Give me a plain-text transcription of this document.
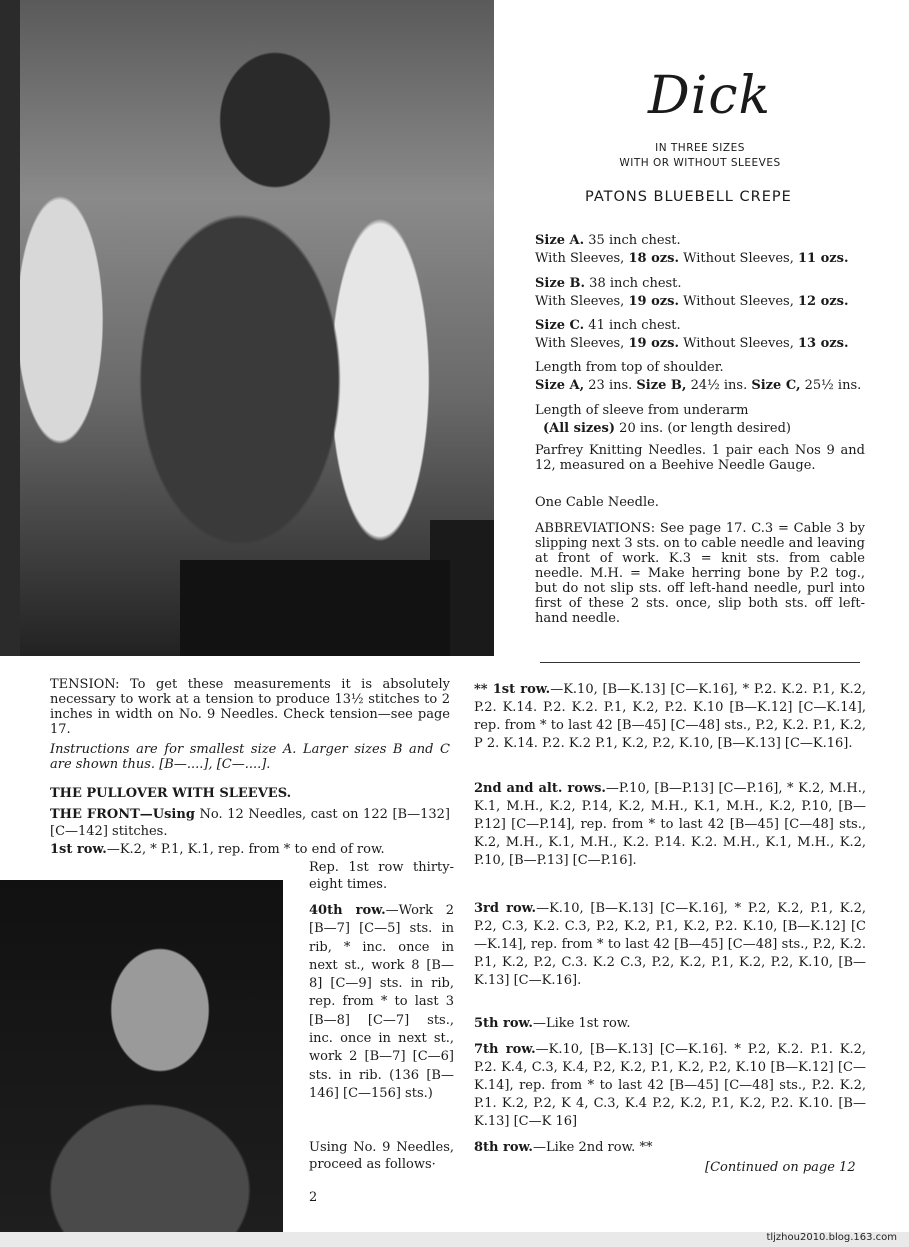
Dick
IN THREE SIZES
WITH OR WITHOUT SLEEVES
PATONS BLUEBELL CREPE
Size A. 35 inch chest.
With Sleeves, 18 ozs. Without Sleeves, 11 ozs.
Size B. 38 inch chest.
With Sleeves, 19 ozs. Without Sleeves, 12 ozs.
Size C. 41 inch chest.
With Sleeves, 19 ozs. Without Sleeves, 13 ozs.
Length from top of shoulder.
Size A, 23 ins. Size B, 24½ ins. Size C, 25½ ins.
Length of sleeve from underarm
(All sizes) 20 ins. (or length desired)
Parfrey Knitting Needles. 1 pair each Nos 9 and 12, measured on a Beehive Needle Gauge.
One Cable Needle.
ABBREVIATIONS: See page 17. C.3 = Cable 3 by slipping next 3 sts. on to cable needle and leaving at front of work. K.3 = knit sts. from cable needle. M.H. = Make herring bone by P.2 tog., but do not slip sts. off left-hand needle, purl into first of these 2 sts. once, slip both sts. off left-hand needle.
TENSION: To get these measurements it is absolutely necessary to work at a tension to produce 13½ stitches to 2 inches in width on No. 9 Needles. Check tension—see page 17.
Instructions are for smallest size A. Larger sizes B and C are shown thus. [B—....], [C—....].
THE PULLOVER WITH SLEEVES.
THE FRONT—Using No. 12 Needles, cast on 122 [B—132] [C—142] stitches.
1st row.—K.2, * P.1, K.1, rep. from * to end of row.
Rep. 1st row thirty-eight times.
40th row.—Work 2 [B—7] [C—5] sts. in rib, * inc. once in next st., work 8 [B—8] [C—9] sts. in rib, rep. from * to last 3 [B—8] [C—7] sts., inc. once in next st., work 2 [B—7] [C—6] sts. in rib. (136 [B—146] [C—156] sts.)
Using No. 9 Needles, proceed as follows·
2
** 1st row.—K.10, [B—K.13] [C—K.16], * P.2. K.2. P.1, K.2, P.2. K.14. P.2. K.2. P.1, K.2, P.2. K.10 [B—K.12] [C—K.14], rep. from * to last 42 [B—45] [C—48] sts., P.2, K.2. P.1, K.2, P 2. K.14. P.2. K.2 P.1, K.2, P.2, K.10, [B—K.13] [C—K.16].
2nd and alt. rows.—P.10, [B—P.13] [C—P.16], * K.2, M.H., K.1, M.H., K.2, P.14, K.2, M.H., K.1, M.H., K.2, P.10, [B—P.12] [C—P.14], rep. from * to last 42 [B—45] [C—48] sts., K.2, M.H., K.1, M.H., K.2. P.14. K.2. M.H., K.1, M.H., K.2, P.10, [B—P.13] [C—P.16].
3rd row.—K.10, [B—K.13] [C—K.16], * P.2, K.2, P.1, K.2, P.2, C.3, K.2. C.3, P.2, K.2, P.1, K.2, P.2. K.10, [B—K.12] [C—K.14], rep. from * to last 42 [B—45] [C—48] sts., P.2, K.2. P.1, K.2, P.2, C.3. K.2 C.3, P.2, K.2, P.1, K.2, P.2, K.10, [B—K.13] [C—K.16].
5th row.—Like 1st row.
7th row.—K.10, [B—K.13] [C—K.16]. * P.2, K.2. P.1. K.2, P.2. K.4, C.3, K.4, P.2, K.2, P.1, K.2, P.2, K.10 [B—K.12] [C—K.14], rep. from * to last 42 [B—45] [C—48] sts., P.2. K.2, P.1. K.2, P.2, K 4, C.3, K.4 P.2, K.2, P.1, K.2, P.2. K.10. [B—K.13] [C—K 16]
8th row.—Like 2nd row. **
[Continued on page 12
tljzhou2010.blog.163.com
